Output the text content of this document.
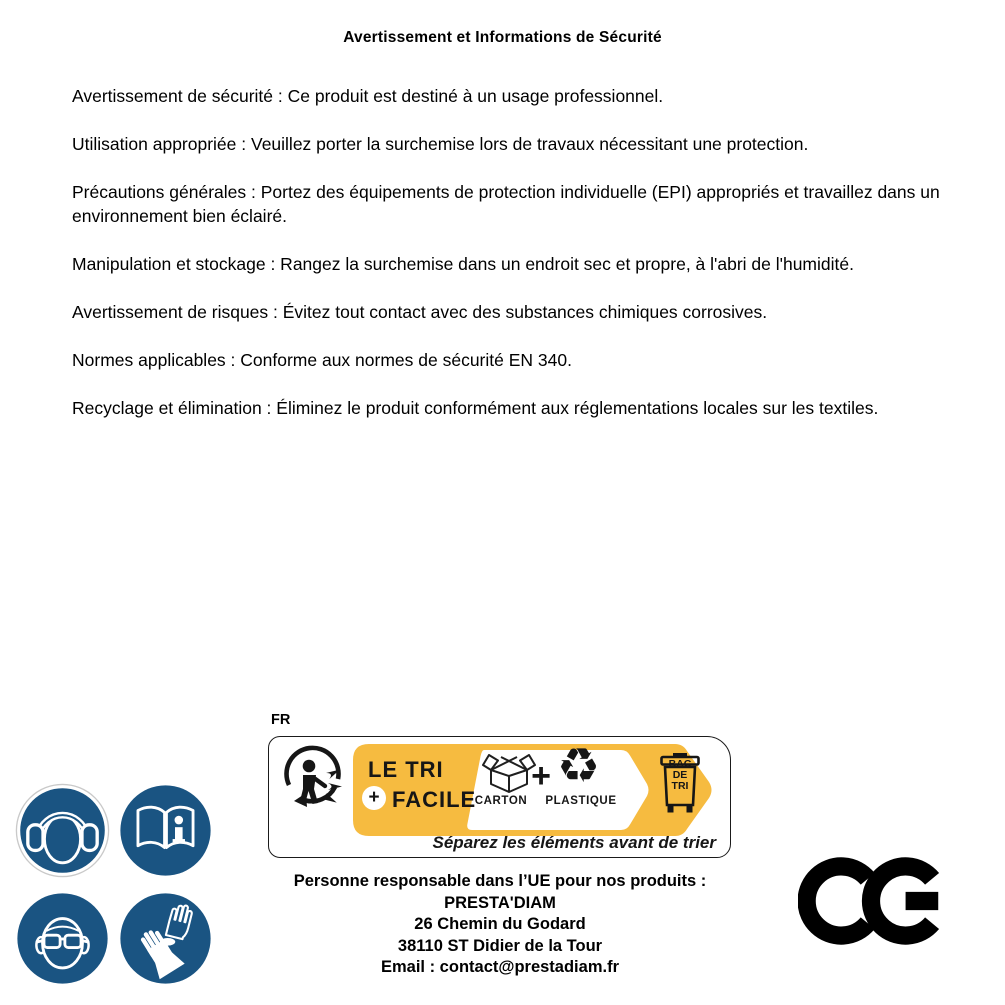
Avertissement et Informations de Sécurité

Avertissement de sécurité : Ce produit est destiné à un usage professionnel.

Utilisation appropriée : Veuillez porter la surchemise lors de travaux nécessitant une protection.

Précautions générales : Portez des équipements de protection individuelle (EPI) appropriés et travaillez dans un environnement bien éclairé.

Manipulation et stockage : Rangez la surchemise dans un endroit sec et propre, à l'abri de l'humidité.

Avertissement de risques : Évitez tout contact avec des substances chimiques corrosives.

Normes applicables : Conforme aux normes de sécurité EN 340.

Recyclage et élimination : Éliminez le produit conformément aux réglementations locales sur les textiles.

FR
LE TRI
+ FACILE
CARTON
+ ♻
PLASTIQUE
BAC
DE
TRI
Séparez les éléments avant de trier
Personne responsable dans l’UE pour nos produits :
PRESTA'DIAM
26 Chemin du Godard
38110 ST Didier de la Tour
Email : contact@prestadiam.fr
